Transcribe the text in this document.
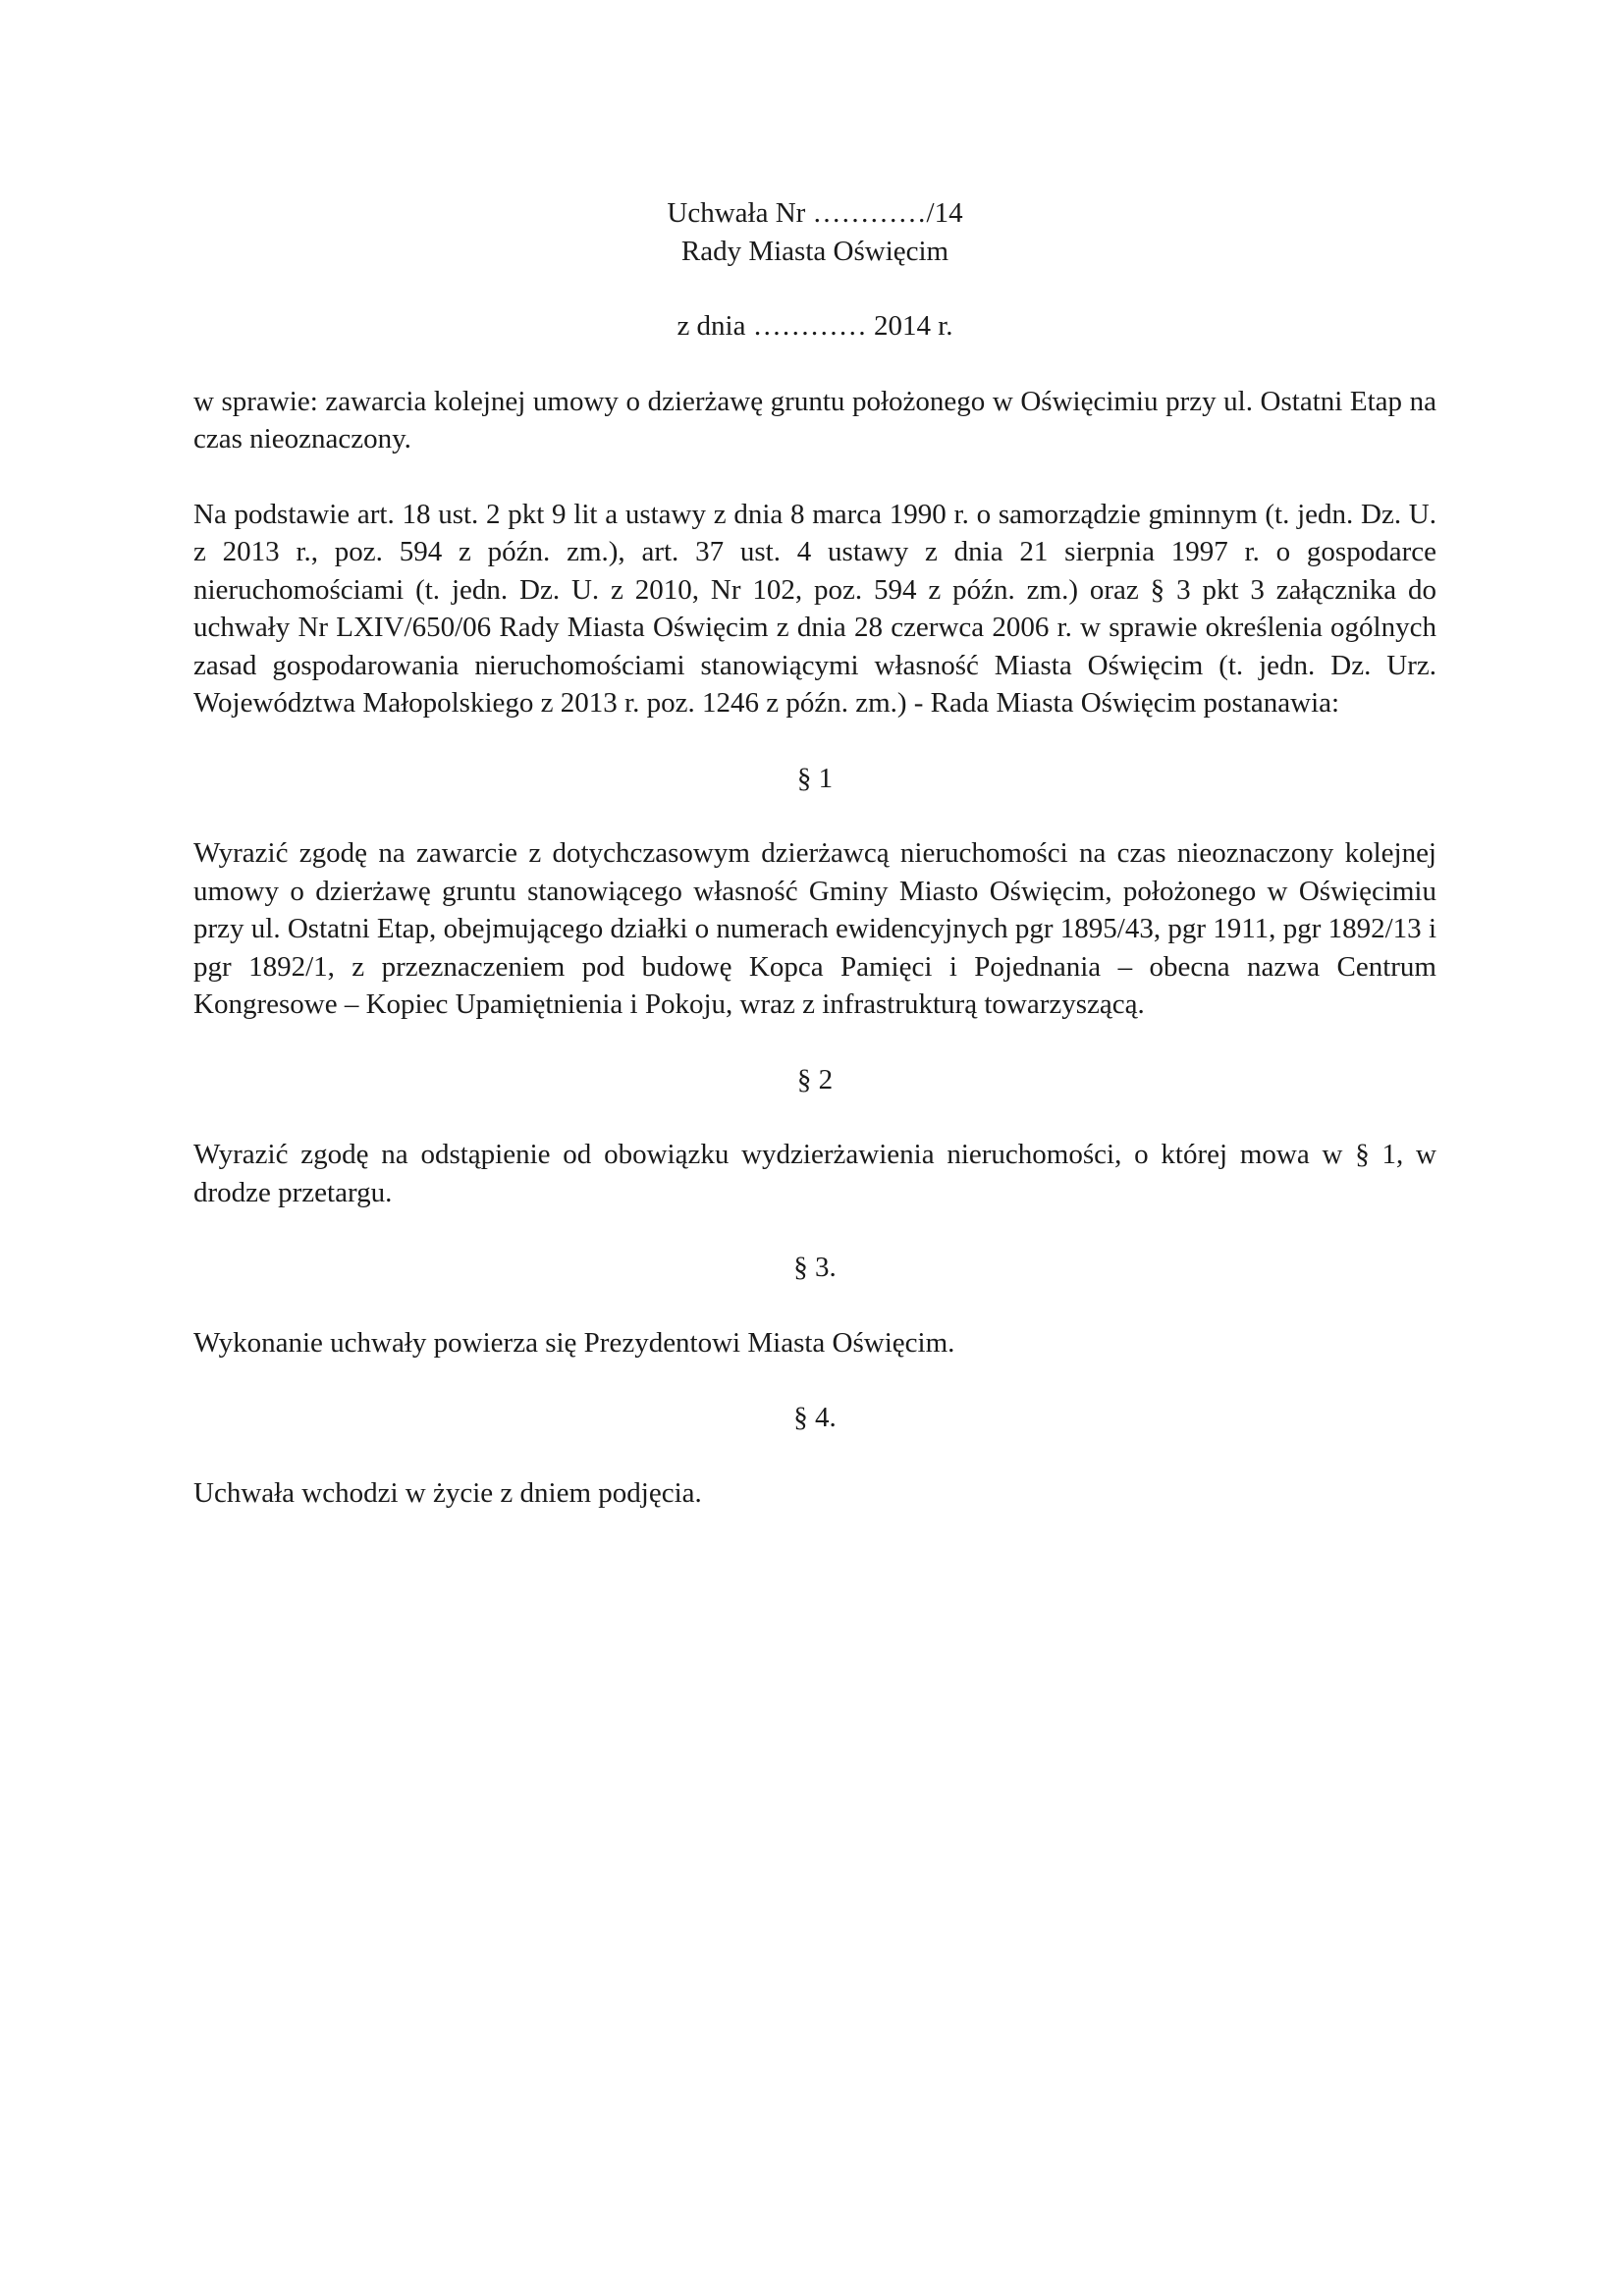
Uchwała Nr …………/14
Rady Miasta Oświęcim

z dnia ………… 2014 r.

w sprawie: zawarcia kolejnej umowy o dzierżawę gruntu położonego w Oświęcimiu przy ul. Ostatni Etap na czas nieoznaczony.

Na podstawie art. 18 ust. 2 pkt 9 lit a ustawy z dnia 8 marca 1990 r. o samorządzie gminnym (t. jedn. Dz. U. z 2013 r., poz. 594 z późn. zm.), art. 37 ust. 4 ustawy z dnia 21 sierpnia 1997 r. o gospodarce nieruchomościami (t. jedn. Dz. U. z 2010, Nr 102, poz. 594 z późn. zm.) oraz § 3 pkt 3 załącznika do uchwały Nr LXIV/650/06 Rady Miasta Oświęcim z dnia 28 czerwca 2006 r. w sprawie określenia ogólnych zasad gospodarowania nieruchomościami stanowiącymi własność Miasta Oświęcim (t. jedn. Dz. Urz. Województwa Małopolskiego z 2013 r. poz. 1246 z późn. zm.) - Rada Miasta Oświęcim postanawia:

§ 1

Wyrazić zgodę na zawarcie z dotychczasowym dzierżawcą nieruchomości na czas nieoznaczony kolejnej umowy o dzierżawę gruntu stanowiącego własność Gminy Miasto Oświęcim, położonego w Oświęcimiu przy ul. Ostatni Etap, obejmującego działki o numerach ewidencyjnych pgr 1895/43, pgr 1911, pgr 1892/13 i pgr 1892/1, z przeznaczeniem pod budowę Kopca Pamięci i Pojednania – obecna nazwa Centrum Kongresowe – Kopiec Upamiętnienia i Pokoju, wraz z infrastrukturą towarzyszącą.

§ 2

Wyrazić zgodę na odstąpienie od obowiązku wydzierżawienia nieruchomości, o której mowa w § 1, w drodze przetargu.

§ 3.

Wykonanie uchwały powierza się Prezydentowi Miasta Oświęcim.

§ 4.

Uchwała wchodzi w życie z dniem podjęcia.
